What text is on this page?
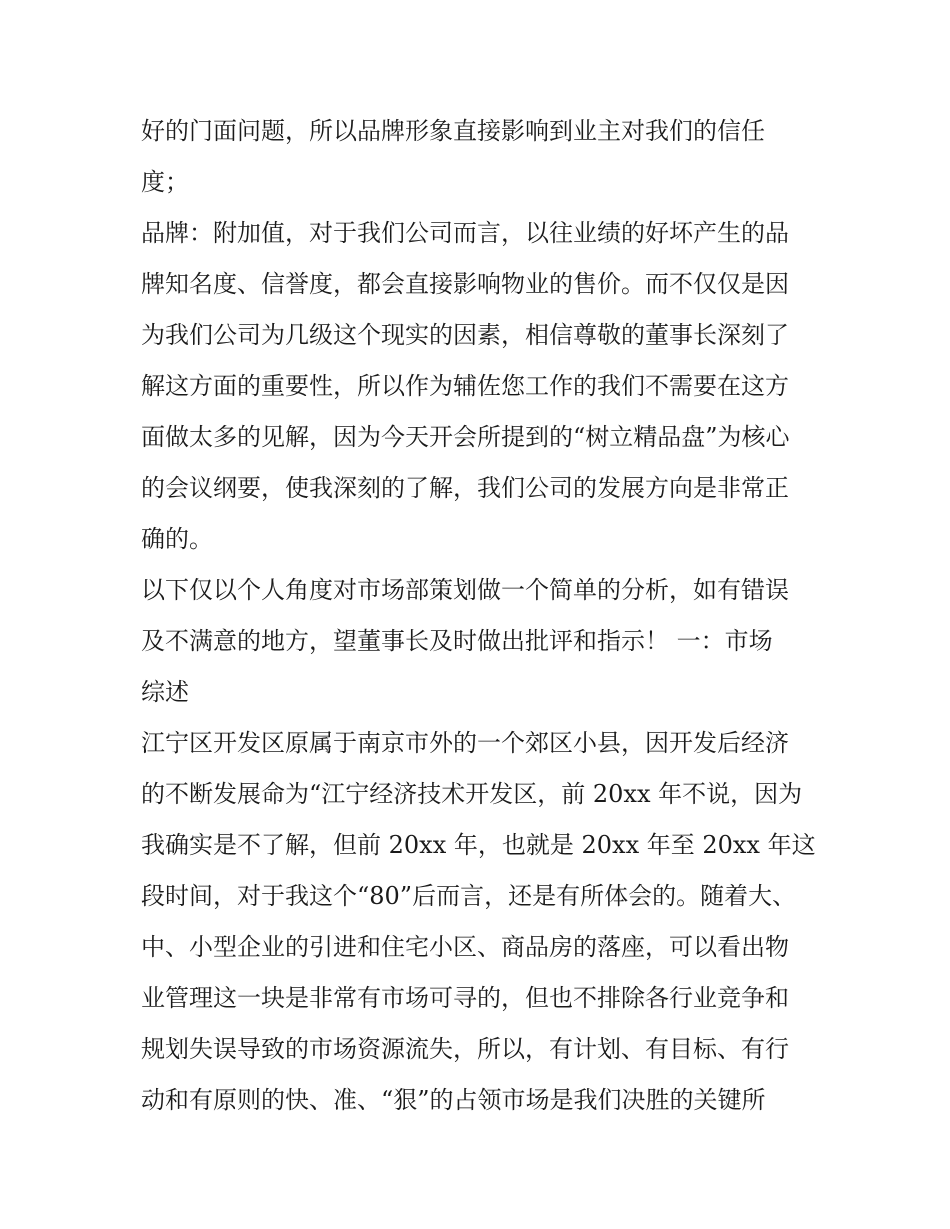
好的门面问题，所以品牌形象直接影响到业主对我们的信任
度；
品牌：附加值，对于我们公司而言，以往业绩的好坏产生的品
牌知名度、信誉度，都会直接影响物业的售价。而不仅仅是因
为我们公司为几级这个现实的因素，相信尊敬的董事长深刻了
解这方面的重要性，所以作为辅佐您工作的我们不需要在这方
面做太多的见解，因为今天开会所提到的“树立精品盘”为核心
的会议纲要，使我深刻的了解，我们公司的发展方向是非常正
确的。
以下仅以个人角度对市场部策划做一个简单的分析，如有错误
及不满意的地方，望董事长及时做出批评和指示！ 一：市场
综述
江宁区开发区原属于南京市外的一个郊区小县，因开发后经济
的不断发展命为“江宁经济技术开发区，前 20xx 年不说，因为
我确实是不了解，但前 20xx 年，也就是 20xx 年至 20xx 年这
段时间，对于我这个“80”后而言，还是有所体会的。随着大、
中、小型企业的引进和住宅小区、商品房的落座，可以看出物
业管理这一块是非常有市场可寻的，但也不排除各行业竞争和
规划失误导致的市场资源流失，所以，有计划、有目标、有行
动和有原则的快、准、“狠”的占领市场是我们决胜的关键所
